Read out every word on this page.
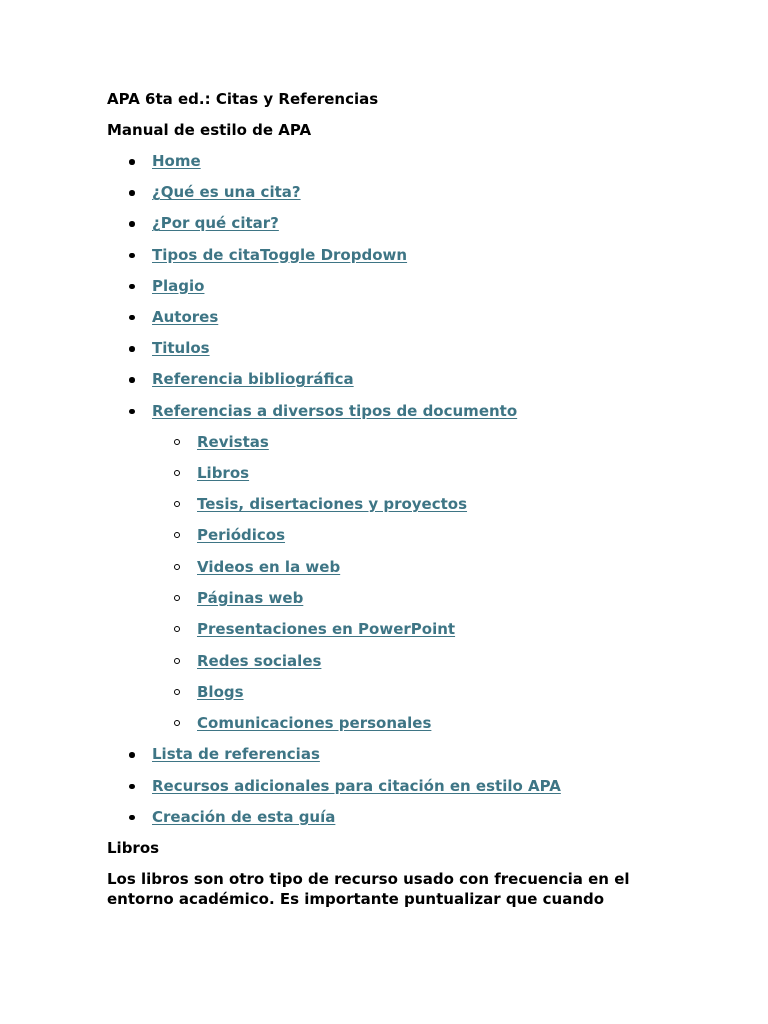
APA 6ta ed.: Citas y Referencias

Manual de estilo de APA

Home
¿Qué es una cita?
¿Por qué citar?
Tipos de citaToggle Dropdown
Plagio
Autores
Titulos
Referencia bibliográfica
Referencias a diversos tipos de documento
Revistas
Libros
Tesis, disertaciones y proyectos
Periódicos
Videos en la web
Páginas web
Presentaciones en PowerPoint
Redes sociales
Blogs
Comunicaciones personales
Lista de referencias
Recursos adicionales para citación en estilo APA
Creación de esta guía

Libros

Los libros son otro tipo de recurso usado con frecuencia en el
entorno académico. Es importante puntualizar que cuando
